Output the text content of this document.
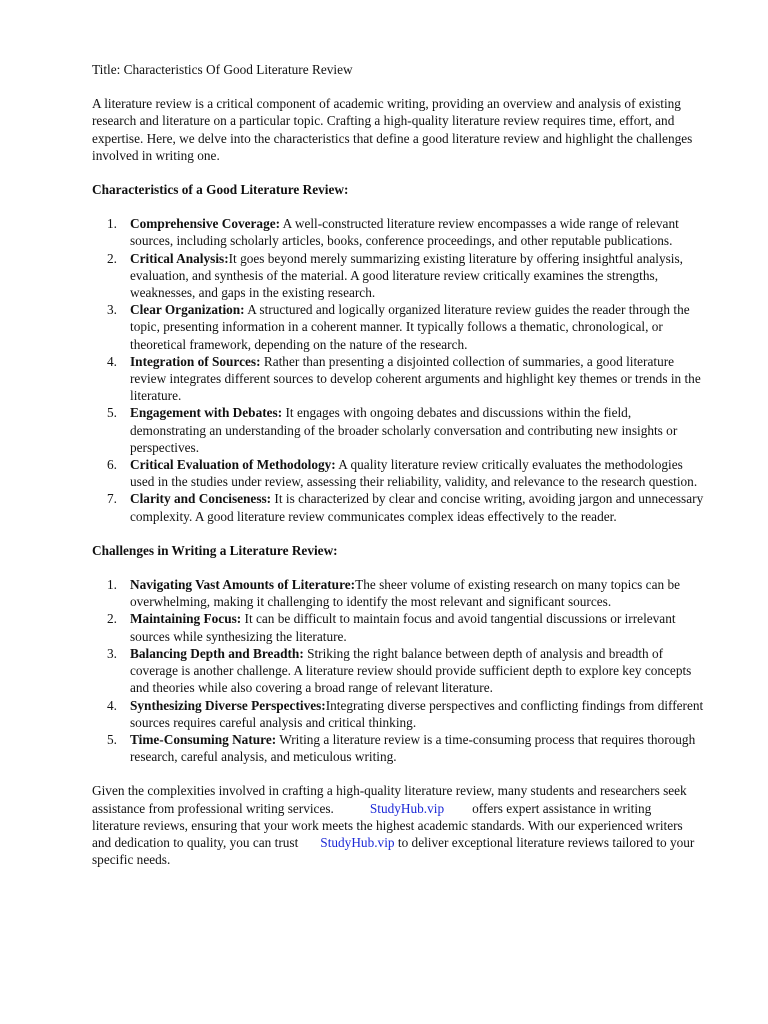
Title: Characteristics Of Good Literature Review

A literature review is a critical component of academic writing, providing an overview and analysis of existing research and literature on a particular topic. Crafting a high-quality literature review requires time, effort, and expertise. Here, we delve into the characteristics that define a good literature review and highlight the challenges involved in writing one.

Characteristics of a Good Literature Review:

1. Comprehensive Coverage: A well-constructed literature review encompasses a wide range of relevant sources, including scholarly articles, books, conference proceedings, and other reputable publications.
2. Critical Analysis:It goes beyond merely summarizing existing literature by offering insightful analysis, evaluation, and synthesis of the material. A good literature review critically examines the strengths, weaknesses, and gaps in the existing research.
3. Clear Organization: A structured and logically organized literature review guides the reader through the topic, presenting information in a coherent manner. It typically follows a thematic, chronological, or theoretical framework, depending on the nature of the research.
4. Integration of Sources: Rather than presenting a disjointed collection of summaries, a good literature review integrates different sources to develop coherent arguments and highlight key themes or trends in the literature.
5. Engagement with Debates: It engages with ongoing debates and discussions within the field, demonstrating an understanding of the broader scholarly conversation and contributing new insights or perspectives.
6. Critical Evaluation of Methodology: A quality literature review critically evaluates the methodologies used in the studies under review, assessing their reliability, validity, and relevance to the research question.
7. Clarity and Conciseness: It is characterized by clear and concise writing, avoiding jargon and unnecessary complexity. A good literature review communicates complex ideas effectively to the reader.

Challenges in Writing a Literature Review:

1. Navigating Vast Amounts of Literature:The sheer volume of existing research on many topics can be overwhelming, making it challenging to identify the most relevant and significant sources.
2. Maintaining Focus: It can be difficult to maintain focus and avoid tangential discussions or irrelevant sources while synthesizing the literature.
3. Balancing Depth and Breadth: Striking the right balance between depth of analysis and breadth of coverage is another challenge. A literature review should provide sufficient depth to explore key concepts and theories while also covering a broad range of relevant literature.
4. Synthesizing Diverse Perspectives:Integrating diverse perspectives and conflicting findings from different sources requires careful analysis and critical thinking.
5. Time-Consuming Nature: Writing a literature review is a time-consuming process that requires thorough research, careful analysis, and meticulous writing.

Given the complexities involved in crafting a high-quality literature review, many students and researchers seek assistance from professional writing services.	StudyHub.vip offers expert assistance in writing literature reviews, ensuring that your work meets the highest academic standards. With our experienced writers and dedication to quality, you can trust StudyHub.vip to deliver exceptional literature reviews tailored to your specific needs.
